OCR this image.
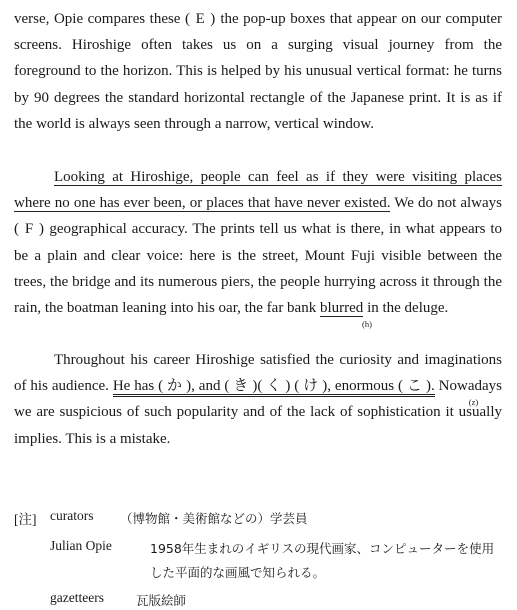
verse, Opie compares these ( E ) the pop-up boxes that appear on our computer screens. Hiroshige often takes us on a surging visual journey from the foreground to the horizon. This is helped by his unusual vertical format: he turns by 90 degrees the standard horizontal rectangle of the Japanese print. It is as if the world is always seen through a narrow, vertical window.

Looking at Hiroshige, people can feel as if they were visiting places where no one has ever been, or places that have never existed. We do not always ( F ) geographical accuracy. The prints tell us what is there, in what appears to be a plain and clear voice: here is the street, Mount Fuji visible between the trees, the bridge and its numerous piers, the people hurrying across it through the rain, the boatman leaning into his oar, the far bank blurred
(h)
in the deluge.

Throughout his career Hiroshige satisfied the curiosity and imaginations of his audience. He has ( か ), and ( き )( く ) ( け ), enormous ( こ ).
(z)
Nowadays we are suspicious of such popularity and of the lack of sophistication it usually implies. This is a mistake.

[注] curators （博物館・美術館などの）学芸員
Julian Opie	1958年生まれのイギリスの現代画家、コンピューターを使用
した平面的な画風で知られる。
gazetteers	瓦版絵師
